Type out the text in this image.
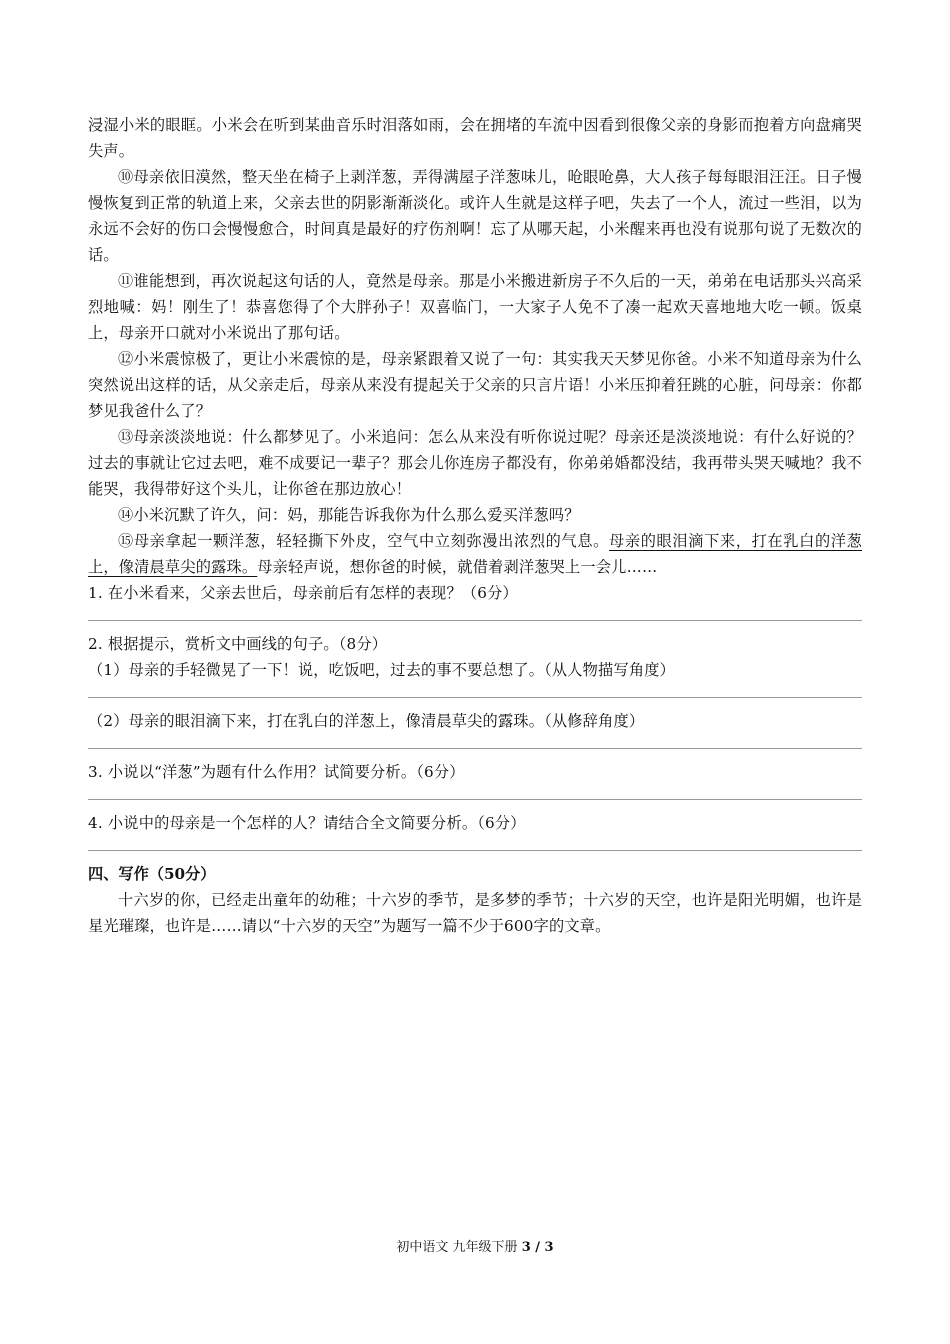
浸湿小米的眼眶。小米会在听到某曲音乐时泪落如雨，会在拥堵的车流中因看到很像父亲的身影而抱着方向盘痛哭失声。

⑩母亲依旧漠然，整天坐在椅子上剥洋葱，弄得满屋子洋葱味儿，呛眼呛鼻，大人孩子每每眼泪汪汪。日子慢慢恢复到正常的轨道上来，父亲去世的阴影渐渐淡化。或许人生就是这样子吧，失去了一个人，流过一些泪，以为永远不会好的伤口会慢慢愈合，时间真是最好的疗伤剂啊！忘了从哪天起，小米醒来再也没有说那句说了无数次的话。

⑪谁能想到，再次说起这句话的人，竟然是母亲。那是小米搬进新房子不久后的一天，弟弟在电话那头兴高采烈地喊：妈！刚生了！恭喜您得了个大胖孙子！双喜临门，一大家子人免不了凑一起欢天喜地地大吃一顿。饭桌上，母亲开口就对小米说出了那句话。

⑫小米震惊极了，更让小米震惊的是，母亲紧跟着又说了一句：其实我天天梦见你爸。小米不知道母亲为什么突然说出这样的话，从父亲走后，母亲从来没有提起关于父亲的只言片语！小米压抑着狂跳的心脏，问母亲：你都梦见我爸什么了？

⑬母亲淡淡地说：什么都梦见了。小米追问：怎么从来没有听你说过呢？母亲还是淡淡地说：有什么好说的？过去的事就让它过去吧，难不成要记一辈子？那会儿你连房子都没有，你弟弟婚都没结，我再带头哭天喊地？我不能哭，我得带好这个头儿，让你爸在那边放心！

⑭小米沉默了许久，问：妈，那能告诉我你为什么那么爱买洋葱吗？

⑮母亲拿起一颗洋葱，轻轻撕下外皮，空气中立刻弥漫出浓烈的气息。母亲的眼泪滴下来，打在乳白的洋葱上，像清晨草尖的露珠。母亲轻声说，想你爸的时候，就借着剥洋葱哭上一会儿……

1. 在小米看来，父亲去世后，母亲前后有怎样的表现？（6分）

2. 根据提示，赏析文中画线的句子。（8分）

（1）母亲的手轻微晃了一下！说，吃饭吧，过去的事不要总想了。（从人物描写角度）

（2）母亲的眼泪滴下来，打在乳白的洋葱上，像清晨草尖的露珠。（从修辞角度）

3. 小说以“洋葱”为题有什么作用？试简要分析。（6分）

4. 小说中的母亲是一个怎样的人？请结合全文简要分析。（6分）

四、写作（50分）

十六岁的你，已经走出童年的幼稚；十六岁的季节，是多梦的季节；十六岁的天空，也许是阳光明媚，也许是星光璀璨，也许是……请以“十六岁的天空”为题写一篇不少于600字的文章。

初中语文 九年级下册 3 / 3
